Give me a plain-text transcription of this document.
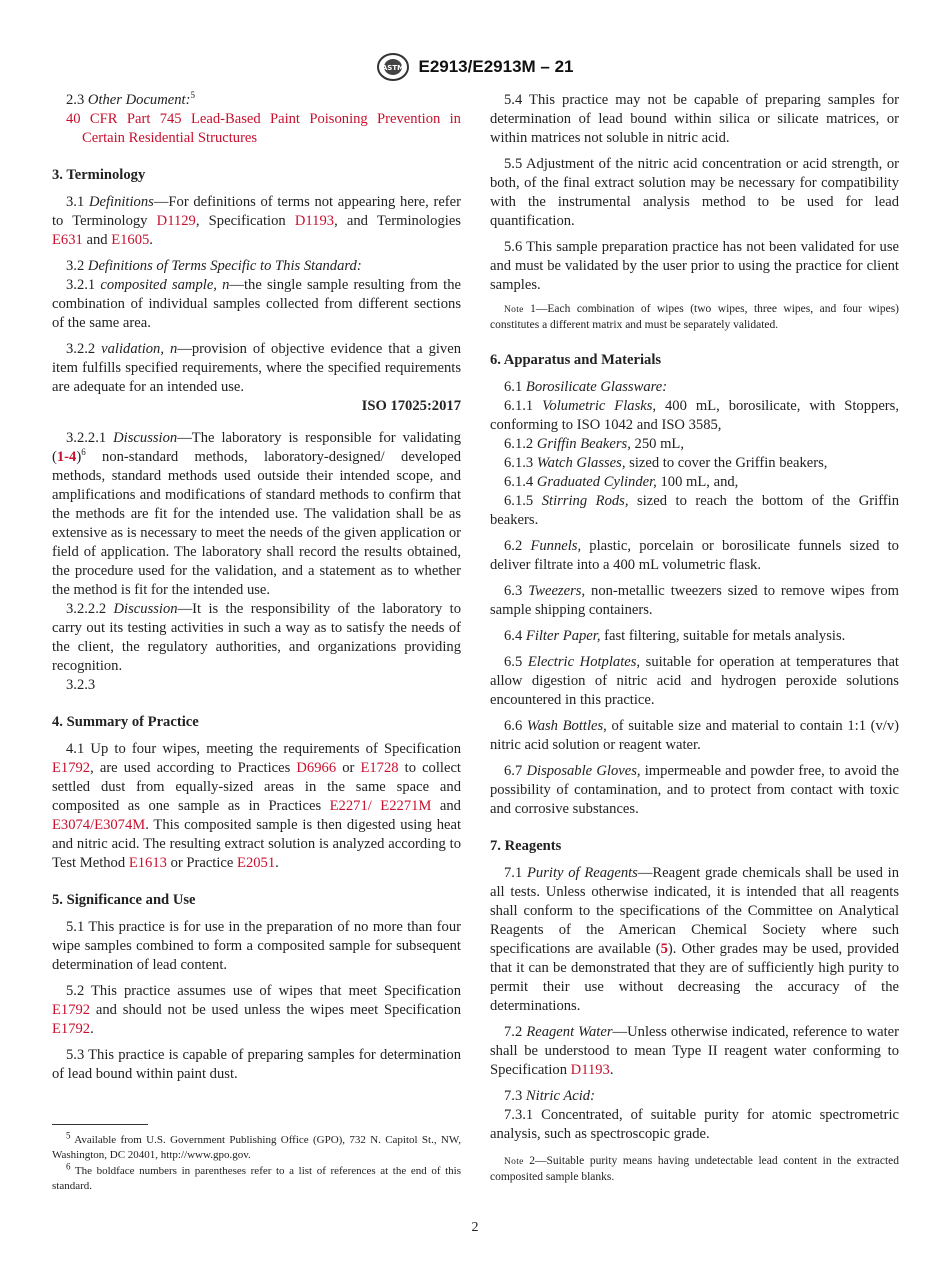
ASTM E2913/E2913M – 21

2.3 Other Document:$^5$

40 CFR Part 745 Lead-Based Paint Poisoning Prevention in Certain Residential Structures

3. Terminology

3.1 Definitions—For definitions of terms not appearing here, refer to Terminology D1129, Specification D1193, and Terminologies E631 and E1605.

3.2 Definitions of Terms Specific to This Standard:

3.2.1 composited sample, n—the single sample resulting from the combination of individual samples collected from different sections of the same area.

3.2.2 validation, n—provision of objective evidence that a given item fulfills specified requirements, where the specified requirements are adequate for an intended use.

ISO 17025:2017

3.2.2.1 Discussion—The laboratory is responsible for validating $(1-4)^6$ non-standard methods, laboratory-designed/ developed methods, standard methods used outside their intended scope, and amplifications and modifications of standard methods to confirm that the methods are fit for the intended use. The validation shall be as extensive as is necessary to meet the needs of the given application or field of application. The laboratory shall record the results obtained, the procedure used for the validation, and a statement as to whether the method is fit for the intended use.

3.2.2.2 Discussion—It is the responsibility of the laboratory to carry out its testing activities in such a way as to satisfy the needs of the client, the regulatory authorities, and organizations providing recognition.

3.2.3

4. Summary of Practice

4.1 Up to four wipes, meeting the requirements of Specification E1792, are used according to Practices D6966 or E1728 to collect settled dust from equally-sized areas in the same space and composited as one sample as in Practices E2271/ E2271M and E3074/E3074M. This composited sample is then digested using heat and nitric acid. The resulting extract solution is analyzed according to Test Method E1613 or Practice E2051.

5. Significance and Use

5.1 This practice is for use in the preparation of no more than four wipe samples combined to form a composited sample for subsequent determination of lead content.

5.2 This practice assumes use of wipes that meet Specification E1792 and should not be used unless the wipes meet Specification E1792.

5.3 This practice is capable of preparing samples for determination of lead bound within paint dust.

5.4 This practice may not be capable of preparing samples for determination of lead bound within silica or silicate matrices, or within matrices not soluble in nitric acid.

5.5 Adjustment of the nitric acid concentration or acid strength, or both, of the final extract solution may be necessary for compatibility with the instrumental analysis method to be used for lead quantification.

5.6 This sample preparation practice has not been validated for use and must be validated by the user prior to using the practice for client samples.

Note 1—Each combination of wipes (two wipes, three wipes, and four wipes) constitutes a different matrix and must be separately validated.

6. Apparatus and Materials

6.1 Borosilicate Glassware:

6.1.1 Volumetric Flasks, 400 mL, borosilicate, with Stoppers, conforming to ISO 1042 and ISO 3585,

6.1.2 Griffin Beakers, 250 mL,

6.1.3 Watch Glasses, sized to cover the Griffin beakers,

6.1.4 Graduated Cylinder, 100 mL, and,

6.1.5 Stirring Rods, sized to reach the bottom of the Griffin beakers.

6.2 Funnels, plastic, porcelain or borosilicate funnels sized to deliver filtrate into a 400 mL volumetric flask.

6.3 Tweezers, non-metallic tweezers sized to remove wipes from sample shipping containers.

6.4 Filter Paper, fast filtering, suitable for metals analysis.

6.5 Electric Hotplates, suitable for operation at temperatures that allow digestion of nitric acid and hydrogen peroxide solutions encountered in this practice.

6.6 Wash Bottles, of suitable size and material to contain 1:1 (v/v) nitric acid solution or reagent water.

6.7 Disposable Gloves, impermeable and powder free, to avoid the possibility of contamination, and to protect from contact with toxic and corrosive substances.

7. Reagents

7.1 Purity of Reagents—Reagent grade chemicals shall be used in all tests. Unless otherwise indicated, it is intended that all reagents shall conform to the specifications of the Committee on Analytical Reagents of the American Chemical Society where such specifications are available (5). Other grades may be used, provided that it can be demonstrated that they are of sufficiently high purity to permit their use without decreasing the accuracy of the determinations.

7.2 Reagent Water—Unless otherwise indicated, reference to water shall be understood to mean Type II reagent water conforming to Specification D1193.

7.3 Nitric Acid:

7.3.1 Concentrated, of suitable purity for atomic spectrometric analysis, such as spectroscopic grade.

Note 2—Suitable purity means having undetectable lead content in the extracted composited sample blanks.

$^5$ Available from U.S. Government Publishing Office (GPO), 732 N. Capitol St., NW, Washington, DC 20401, http://www.gpo.gov.

$^6$ The boldface numbers in parentheses refer to a list of references at the end of this standard.

2
